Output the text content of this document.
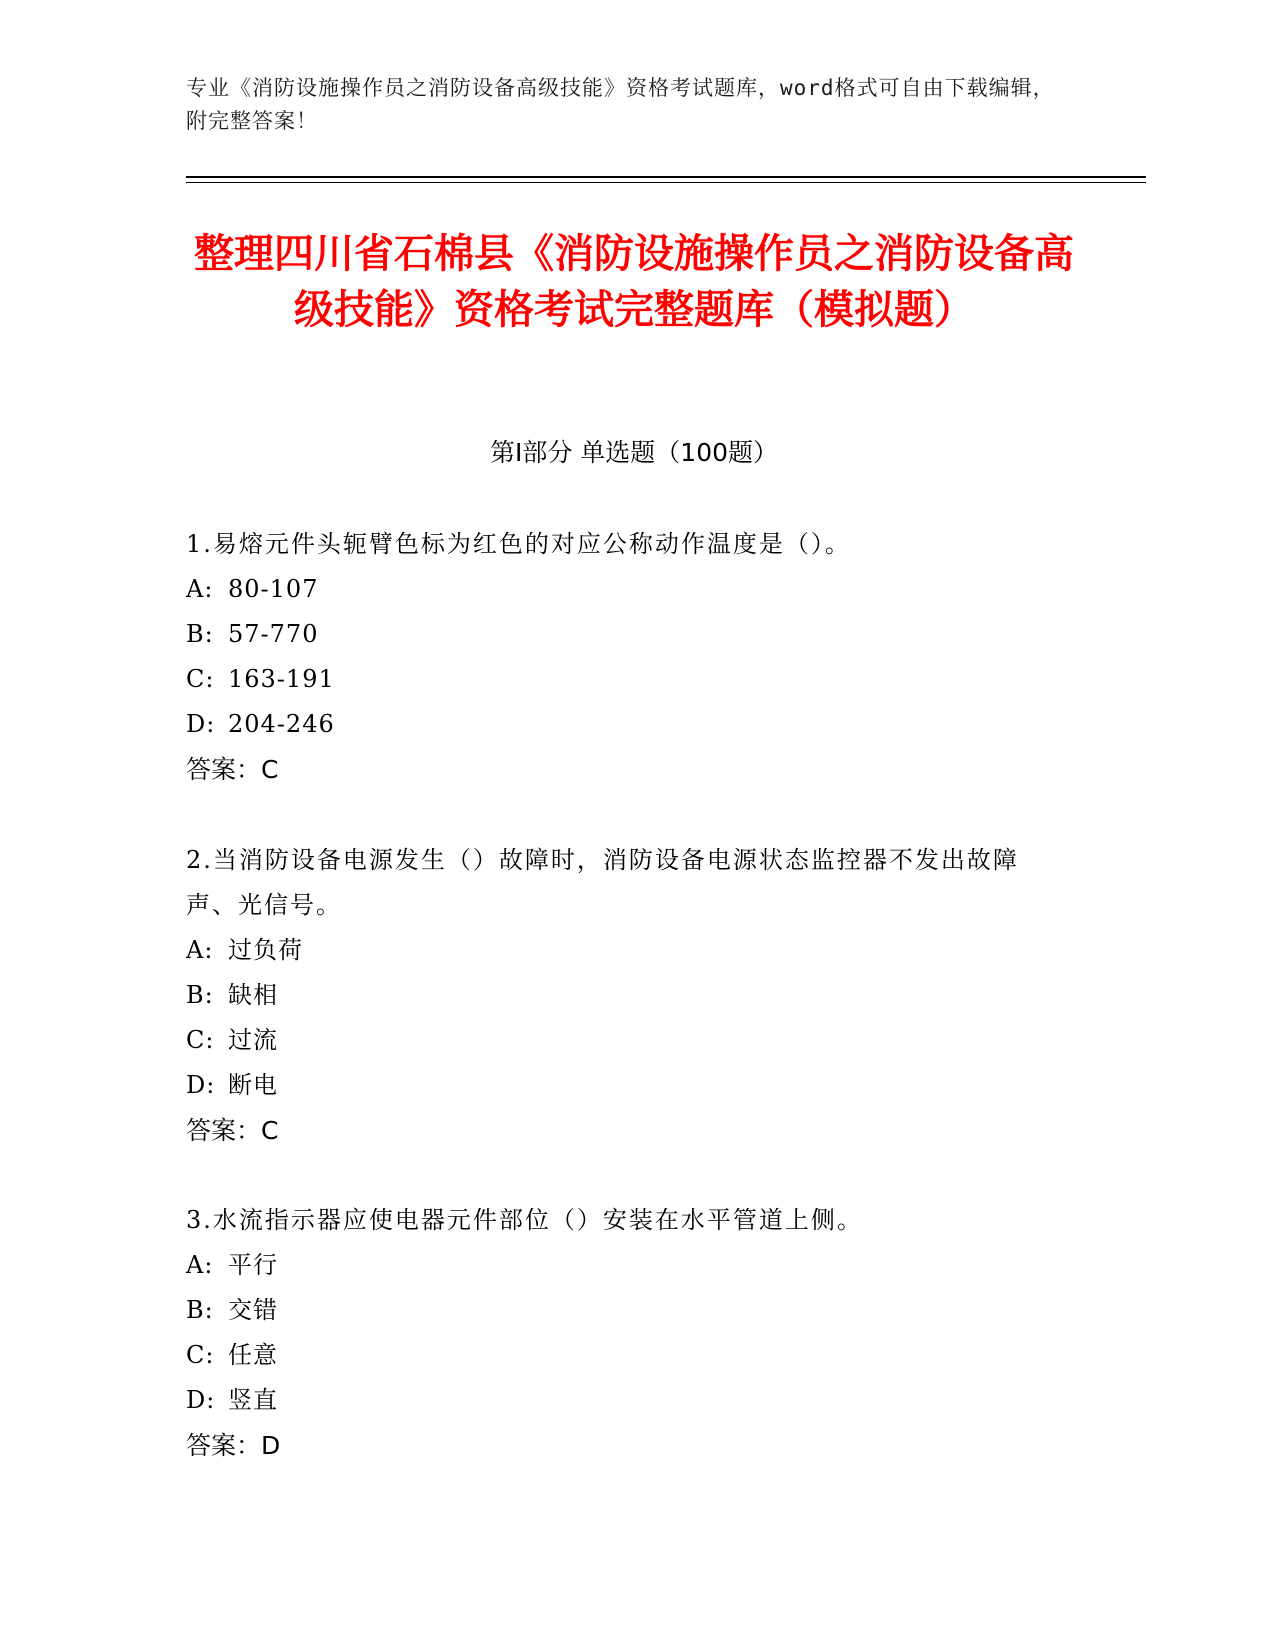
专业《消防设施操作员之消防设备高级技能》资格考试题库，word格式可自由下载编辑，附完整答案！
整理四川省石棉县《消防设施操作员之消防设备高级技能》资格考试完整题库（模拟题）
第Ⅰ部分 单选题（100题）
1.易熔元件头轭臂色标为红色的对应公称动作温度是（）。
A: 80-107
B: 57-770
C: 163-191
D: 204-246
答案：C
2.当消防设备电源发生（）故障时，消防设备电源状态监控器不发出故障声、光信号。
A: 过负荷
B: 缺相
C: 过流
D: 断电
答案：C
3.水流指示器应使电器元件部位（）安装在水平管道上侧。
A: 平行
B: 交错
C: 任意
D: 竖直
答案：D
